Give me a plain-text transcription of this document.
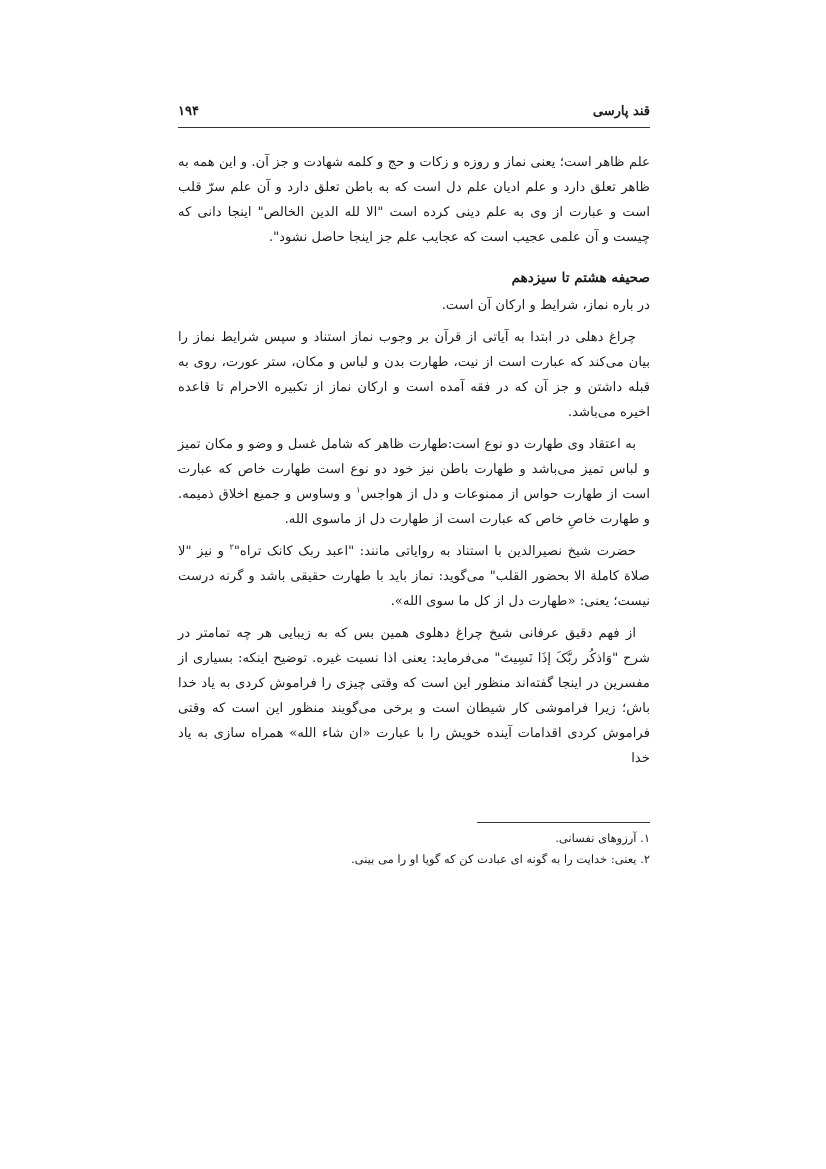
قند پارسی
۱۹۴

علم ظاهر است؛ یعنی نماز و روزه و زکات و حج و کلمه شهادت و جز آن. و این همه به ظاهر تعلق دارد و علم ادیان علم دل است که به باطن تعلق دارد و آن علم سرّ قلب است و عبارت از وی به علم دینی کرده است "الا لله الدین الخالص" اینجا دانی که چیست و آن علمی عجیب است که عجایب علم جز اینجا حاصل نشود".

صحیفه هشتم تا سیزدهم

در باره نماز، شرایط و ارکان آن است.

چراغ دهلی در ابتدا به آیاتی از قرآن بر وجوب نماز استناد و سپس شرایط نماز را بیان می‌کند که عبارت است از نیت، طهارت بدن و لباس و مکان، ستر عورت، روی به قبله داشتن و جز آن که در فقه آمده است و ارکان نماز از تکبیره الاحرام تا قاعده اخیره می‌باشد.

به اعتقاد وی طهارت دو نوع است:طهارت ظاهر که شامل غسل و وضو و مکان تمیز و لباس تمیز می‌باشد و طهارت باطن نیز خود دو نوع است طهارت خاص که عبارت است از طهارت حواس از ممنوعات و دل از هواجس$^۱$ و وساوس و جمیع اخلاق ذمیمه. و طهارت خاصِ خاص که عبارت است از طهارت دل از ماسوی الله.

حضرت شیخ نصیرالدین با استناد به روایاتی مانند: "اعبد ربک کانک تراه"$^۲$ و نیز "لا صلاة کاملة الا بحضور القلب" می‌گوید: نماز باید با طهارت حقیقی باشد و گرنه درست نیست؛ یعنی: «طهارت دل از کل ما سوی الله».

از فهم دقیق عرفانی شیخ چراغ دهلوی همین بس که به زیبایی هر چه تمامتر در شرح "وَاذکُر ربَّکَ إذَا نَسِیتَ" می‌فرماید: یعنی اذا نسیت غیره. توضیح اینکه: بسیاری از مفسرین در اینجا گفته‌اند منظور این است که وقتی چیزی را فراموش کردی به یاد خدا باش؛ زیرا فراموشی کار شیطان است و برخی می‌گویند منظور این است که وقتی فراموش کردی اقدامات آینده خویش را با عبارت «ان شاء الله» همراه سازی به یاد خدا

۱. آرزوهای نفسانی.
۲. یعنی: خدایت را به گونه ای عبادت کن که گویا او را می بینی.
